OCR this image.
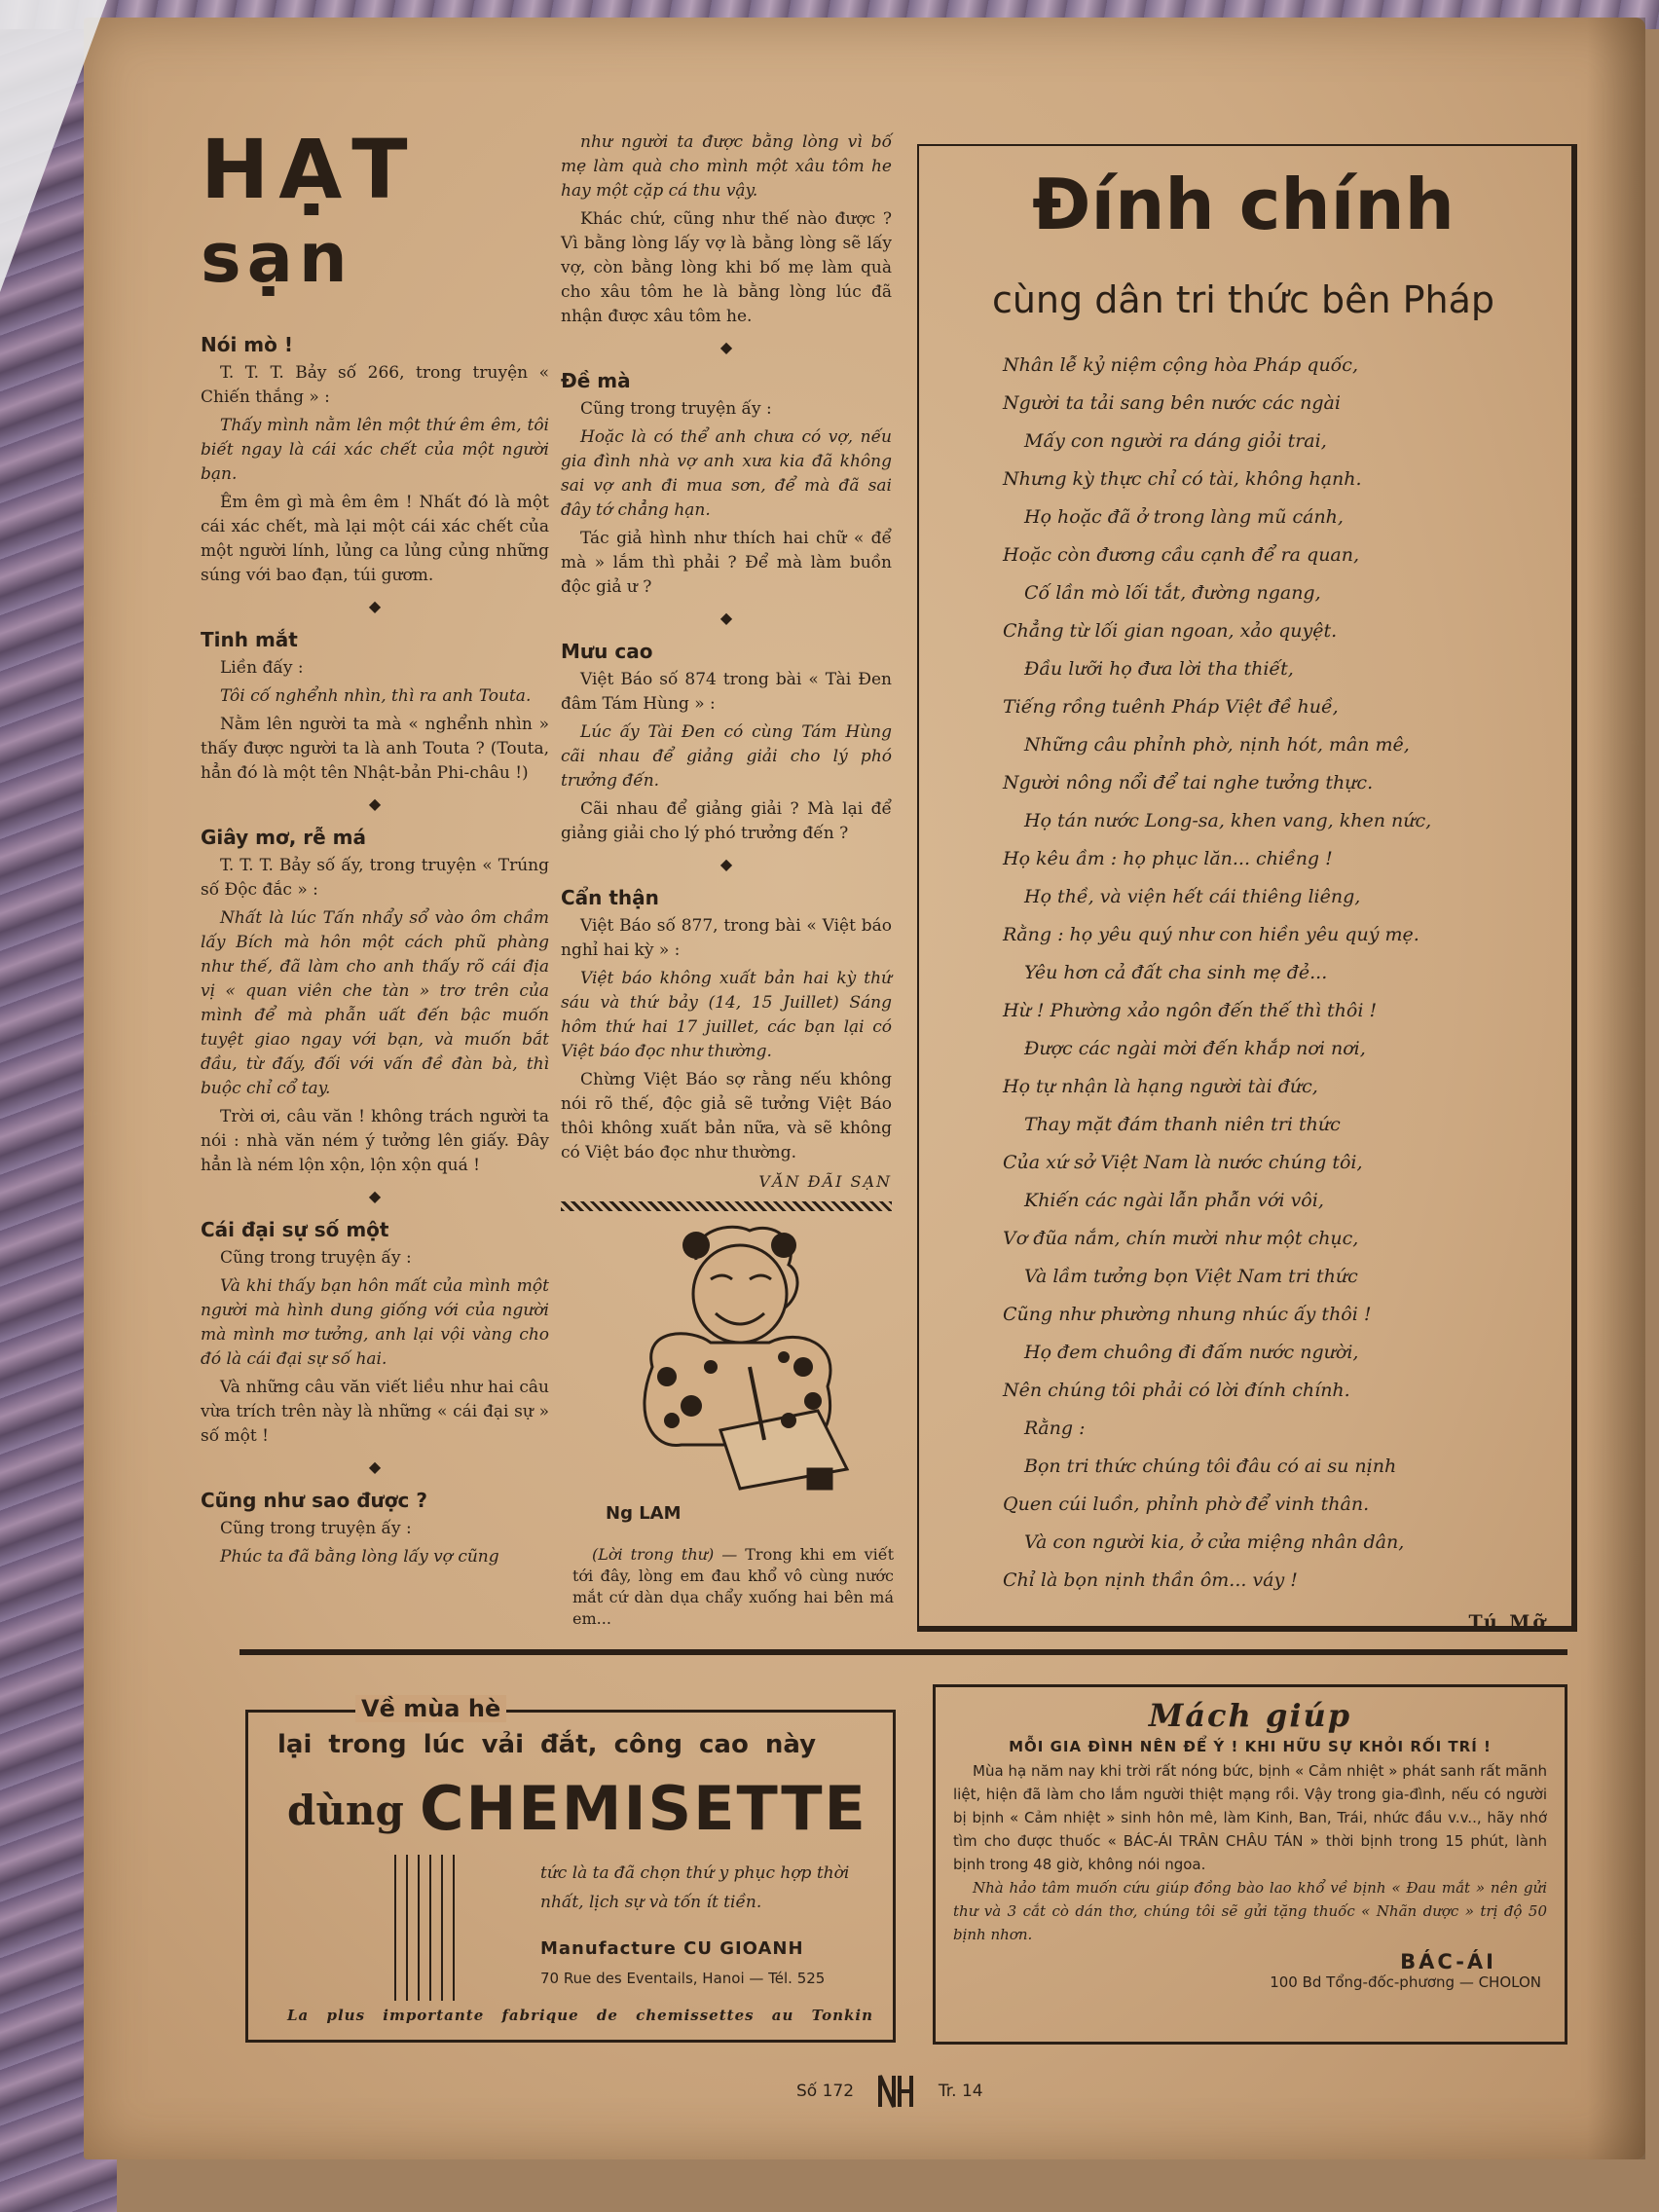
HẠT
sạn
Nói mò !

T. T. T. Bảy số 266, trong truyện « Chiến thắng » :

Thấy mình nằm lên một thứ êm êm, tôi biết ngay là cái xác chết của một người bạn.

Êm êm gì mà êm êm ! Nhất đó là một cái xác chết, mà lại một cái xác chết của một người lính, lủng ca lủng củng những súng với bao đạn, túi gươm.

◆
Tinh mắt

Liền đấy :

Tôi cố nghểnh nhìn, thì ra anh Touta.

Nằm lên người ta mà « nghểnh nhìn » thấy được người ta là anh Touta ? (Touta, hẳn đó là một tên Nhật-bản Phi-châu !)

◆
Giây mơ, rễ má

T. T. T. Bảy số ấy, trong truyện « Trúng số Độc đắc » :

Nhất là lúc Tấn nhẩy sổ vào ôm chầm lấy Bích mà hôn một cách phũ phàng như thế, đã làm cho anh thấy rõ cái địa vị « quan viên che tàn » trơ trên của mình để mà phẫn uất đến bậc muốn tuyệt giao ngay với bạn, và muốn bắt đầu, từ đấy, đối với vấn đề đàn bà, thì buộc chỉ cổ tay.

Trời ơi, câu văn ! không trách người ta nói : nhà văn ném ý tưởng lên giấy. Đây hẳn là ném lộn xộn, lộn xộn quá !

◆
Cái đại sự số một

Cũng trong truyện ấy :

Và khi thấy bạn hôn mất của mình một người mà hình dung giống với của người mà mình mơ tưởng, anh lại vội vàng cho đó là cái đại sự số hai.

Và những câu văn viết liều như hai câu vừa trích trên này là những « cái đại sự » số một !

◆
Cũng như sao được ?

Cũng trong truyện ấy :

Phúc ta đã bằng lòng lấy vợ cũng

như người ta được bằng lòng vì bố mẹ làm quà cho mình một xâu tôm he hay một cặp cá thu vậy.

Khác chứ, cũng như thế nào được ? Vì bằng lòng lấy vợ là bằng lòng sẽ lấy vợ, còn bằng lòng khi bố mẹ làm quà cho xâu tôm he là bằng lòng lúc đã nhận được xâu tôm he.

◆
Đề mà

Cũng trong truyện ấy :

Hoặc là có thể anh chưa có vợ, nếu gia đình nhà vợ anh xưa kia đã không sai vợ anh đi mua sơn, để mà đã sai đây tớ chẳng hạn.

Tác giả hình như thích hai chữ « để mà » lắm thì phải ? Để mà làm buồn độc giả ư ?

◆
Mưu cao

Việt Báo số 874 trong bài « Tài Đen đâm Tám Hùng » :

Lúc ấy Tài Đen có cùng Tám Hùng cãi nhau để giảng giải cho lý phó trưởng đến.

Cãi nhau để giảng giải ? Mà lại để giảng giải cho lý phó trưởng đến ?

◆
Cẩn thận

Việt Báo số 877, trong bài « Việt báo nghỉ hai kỳ » :

Việt báo không xuất bản hai kỳ thứ sáu và thứ bảy (14, 15 Juillet) Sáng hôm thứ hai 17 juillet, các bạn lại có Việt báo đọc như thường.

Chừng Việt Báo sợ rằng nếu không nói rõ thế, độc giả sẽ tưởng Việt Báo thôi không xuất bản nữa, và sẽ không có Việt báo đọc như thường.

VĂN ĐÃI SẠN
Ng LAM

(Lời trong thư) — Trong khi em viết tới đây, lòng em đau khổ vô cùng nước mắt cứ dàn dụa chẩy xuống hai bên má em...

Đính chính
cùng dân tri thức bên Pháp
Nhân lễ kỷ niệm cộng hòa Pháp quốc,
Người ta tải sang bên nước các ngài
Mấy con người ra dáng giỏi trai,
Nhưng kỳ thực chỉ có tài, không hạnh.
Họ hoặc đã ở trong làng mũ cánh,
Hoặc còn đương cầu cạnh để ra quan,
Cố lần mò lối tắt, đường ngang,
Chẳng từ lối gian ngoan, xảo quyệt.
Đầu lưỡi họ đưa lời tha thiết,
Tiếng rồng tuênh Pháp Việt đề huề,
Những câu phỉnh phờ, nịnh hót, mân mê,
Người nông nổi để tai nghe tưởng thực.
Họ tán nước Long-sa, khen vang, khen nức,
Họ kêu ầm : họ phục lăn... chiềng !
Họ thề, và viện hết cái thiêng liêng,
Rằng : họ yêu quý như con hiền yêu quý mẹ.
Yêu hơn cả đất cha sinh mẹ đẻ...
Hừ ! Phường xảo ngôn đến thế thì thôi !
Được các ngài mời đến khắp nơi nơi,
Họ tự nhận là hạng người tài đức,
Thay mặt đám thanh niên tri thức
Của xứ sở Việt Nam là nước chúng tôi,
Khiến các ngài lẫn phẫn với vôi,
Vơ đũa nắm, chín mười như một chục,
Và lầm tưởng bọn Việt Nam tri thức
Cũng như phường nhung nhúc ấy thôi !
Họ đem chuông đi đấm nước người,
Nên chúng tôi phải có lời đính chính.
Rằng :
Bọn tri thức chúng tôi đâu có ai su nịnh
Quen cúi luồn, phỉnh phờ để vinh thân.
Và con người kia, ở cửa miệng nhân dân,
Chỉ là bọn nịnh thần ôm... váy !
Tú Mỡ
Về mùa hè
lại trong lúc vải đắt, công cao này
dùng CHEMISETTE
tức là ta đã chọn thứ y phục hợp thời nhất, lịch sự và tốn ít tiền.
Manufacture CU GIOANH
70 Rue des Eventails, Hanoi — Tél. 525
La plus importante fabrique de chemissettes au Tonkin
Mách giúp
MỖI GIA ĐÌNH NÊN ĐỂ Ý ! KHI HỮU SỰ KHỎI RỐI TRÍ !
Mùa hạ năm nay khi trời rất nóng bức, bịnh « Cảm nhiệt » phát sanh rất mãnh liệt, hiện đã làm cho lắm người thiệt mạng rồi. Vậy trong gia-đình, nếu có người bị bịnh « Cảm nhiệt » sinh hôn mê, làm Kinh, Ban, Trái, nhức đầu v.v.., hãy nhớ tìm cho được thuốc « BÁC-ÁI TRÂN CHÂU TÁN » thời bịnh trong 15 phút, lành bịnh trong 48 giờ, không nói ngoa.
Nhà hảo tâm muốn cứu giúp đồng bào lao khổ về bịnh « Đau mắt » nên gửi thư và 3 cắt cò dán thơ, chúng tôi sẽ gửi tặng thuốc « Nhãn dược » trị độ 50 bịnh nhơn.
BÁC-ÁI
100 Bd Tổng-đốc-phương — CHOLON
Số 172	Tr. 14
